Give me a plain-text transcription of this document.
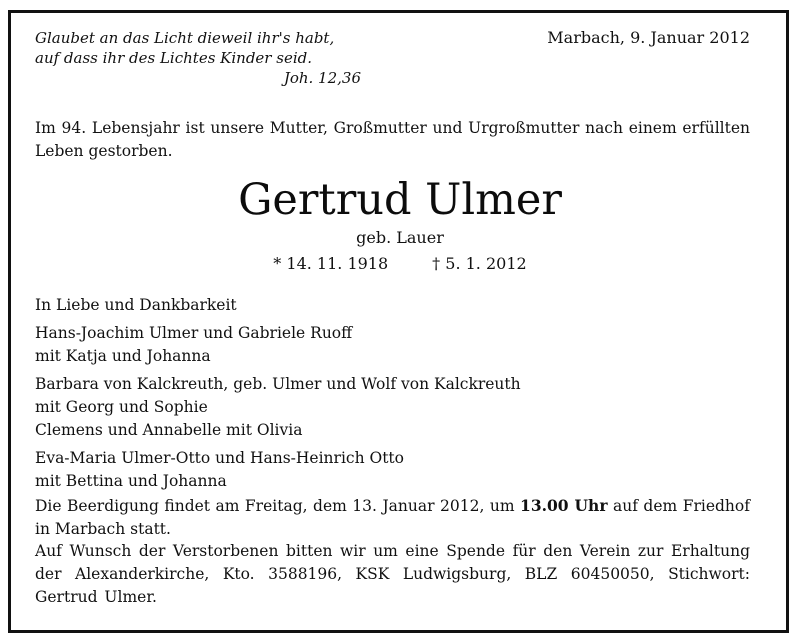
Glaubet an das Licht dieweil ihr's habt,
auf dass ihr des Lichtes Kinder seid.
Joh. 12,36
Marbach, 9. Januar 2012
Im 94. Lebensjahr ist unsere Mutter, Großmutter und Urgroßmutter nach einem erfüllten Leben gestorben.
Gertrud Ulmer
geb. Lauer
* 14. 11. 1918	† 5. 1. 2012
In Liebe und Dankbarkeit
Hans-Joachim Ulmer und Gabriele Ruoff
mit Katja und Johanna
Barbara von Kalckreuth, geb. Ulmer und Wolf von Kalckreuth
mit Georg und Sophie
Clemens und Annabelle mit Olivia
Eva-Maria Ulmer-Otto und Hans-Heinrich Otto
mit Bettina und Johanna
Die Beerdigung findet am Freitag, dem 13. Januar 2012, um 13.00 Uhr auf dem Friedhof in Marbach statt.
Auf Wunsch der Verstorbenen bitten wir um eine Spende für den Verein zur Erhaltung der Alexanderkirche, Kto. 3588196, KSK Ludwigsburg, BLZ 60450050, Stichwort: Gertrud Ulmer.
